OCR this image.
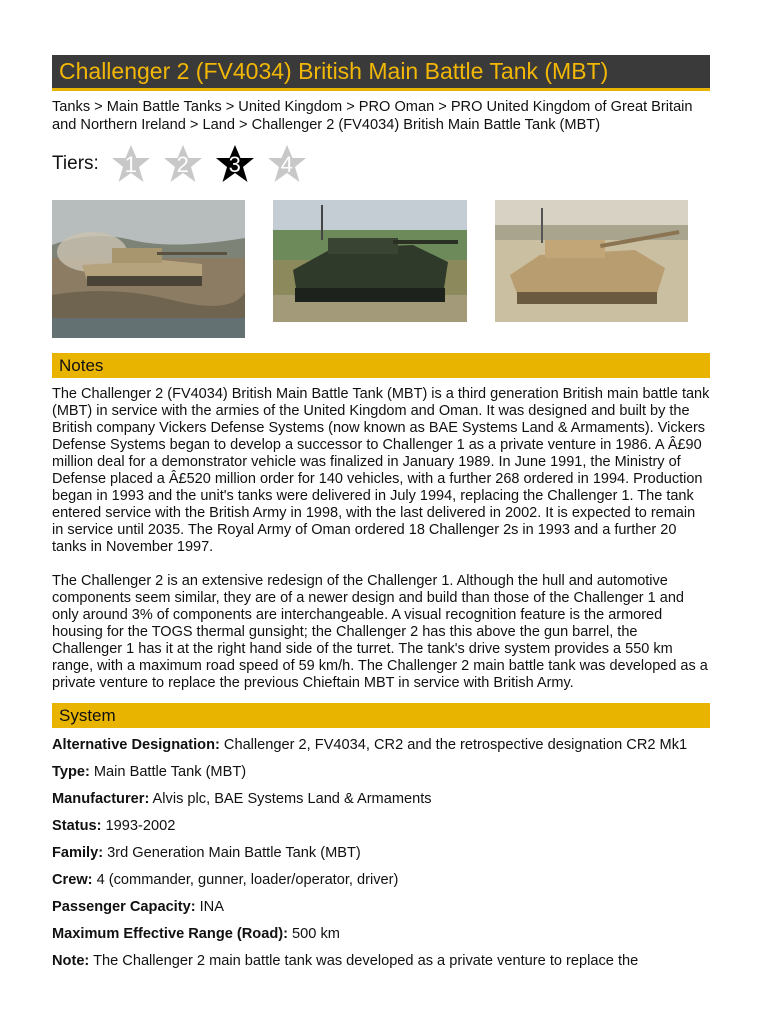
Challenger 2 (FV4034) British Main Battle Tank (MBT)
Tanks > Main Battle Tanks > United Kingdom > PRO Oman > PRO United Kingdom of Great Britain and Northern Ireland > Land > Challenger 2 (FV4034) British Main Battle Tank (MBT)
Tiers:	1	2	3	4
Notes

The Challenger 2 (FV4034) British Main Battle Tank (MBT) is a third generation British main battle tank (MBT) in service with the armies of the United Kingdom and Oman. It was designed and built by the British company Vickers Defense Systems (now known as BAE Systems Land & Armaments). Vickers Defense Systems began to develop a successor to Challenger 1 as a private venture in 1986. A Â£90 million deal for a demonstrator vehicle was finalized in January 1989. In June 1991, the Ministry of Defense placed a Â£520 million order for 140 vehicles, with a further 268 ordered in 1994. Production began in 1993 and the unit's tanks were delivered in July 1994, replacing the Challenger 1. The tank entered service with the British Army in 1998, with the last delivered in 2002. It is expected to remain in service until 2035. The Royal Army of Oman ordered 18 Challenger 2s in 1993 and a further 20 tanks in November 1997.

The Challenger 2 is an extensive redesign of the Challenger 1. Although the hull and automotive components seem similar, they are of a newer design and build than those of the Challenger 1 and only around 3% of components are interchangeable. A visual recognition feature is the armored housing for the TOGS thermal gunsight; the Challenger 2 has this above the gun barrel, the Challenger 1 has it at the right hand side of the turret. The tank's drive system provides a 550 km range, with a maximum road speed of 59 km/h. The Challenger 2 main battle tank was developed as a private venture to replace the previous Chieftain MBT in service with British Army.

System
Alternative Designation: Challenger 2, FV4034, CR2 and the retrospective designation CR2 Mk1
Type: Main Battle Tank (MBT)
Manufacturer: Alvis plc, BAE Systems Land & Armaments
Status: 1993-2002
Family: 3rd Generation Main Battle Tank (MBT)
Crew: 4 (commander, gunner, loader/operator, driver)
Passenger Capacity: INA
Maximum Effective Range (Road): 500 km
Note: The Challenger 2 main battle tank was developed as a private venture to replace the
